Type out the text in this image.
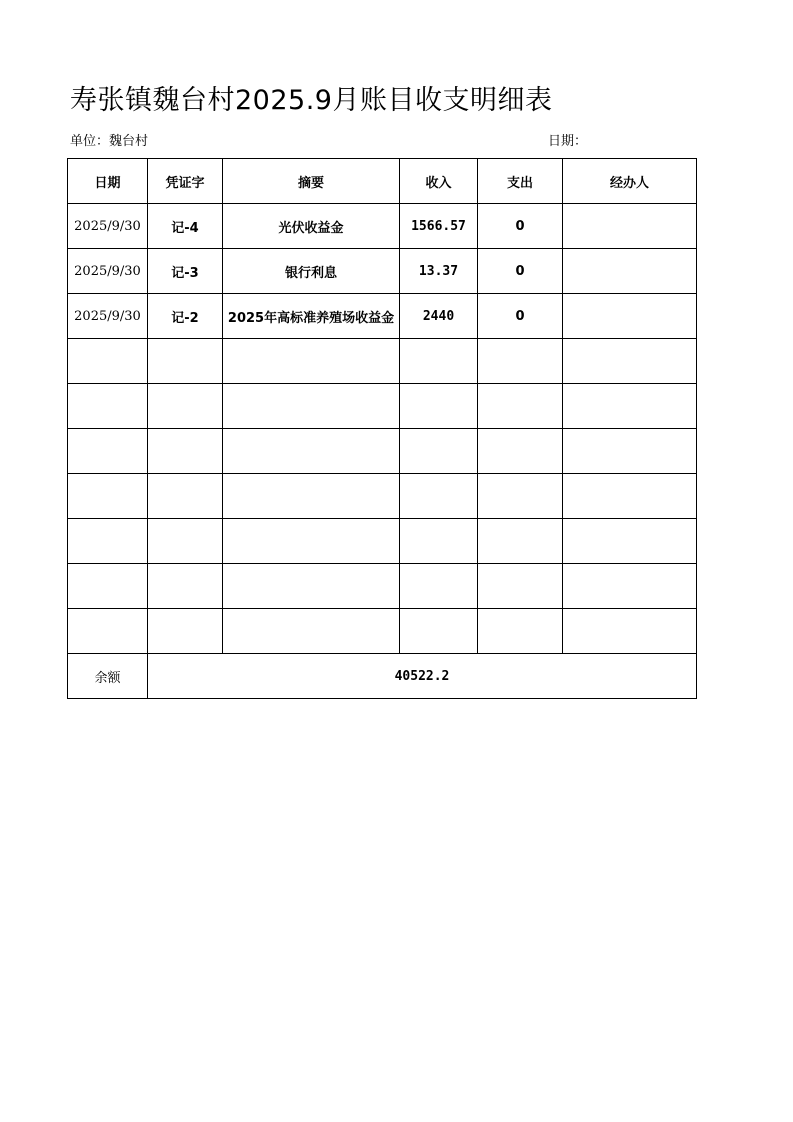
寿张镇魏台村2025.9月账目收支明细表
单位：魏台村	日期：
日期	凭证字	摘要	收入	支出	经办人
2025/9/30	记-4	光伏收益金	1566.57	0	
2025/9/30	记-3	银行利息	13.37	0	
2025/9/30	记-2	2025年高标准养殖场收益金	2440	0	

余额	40522.2				
